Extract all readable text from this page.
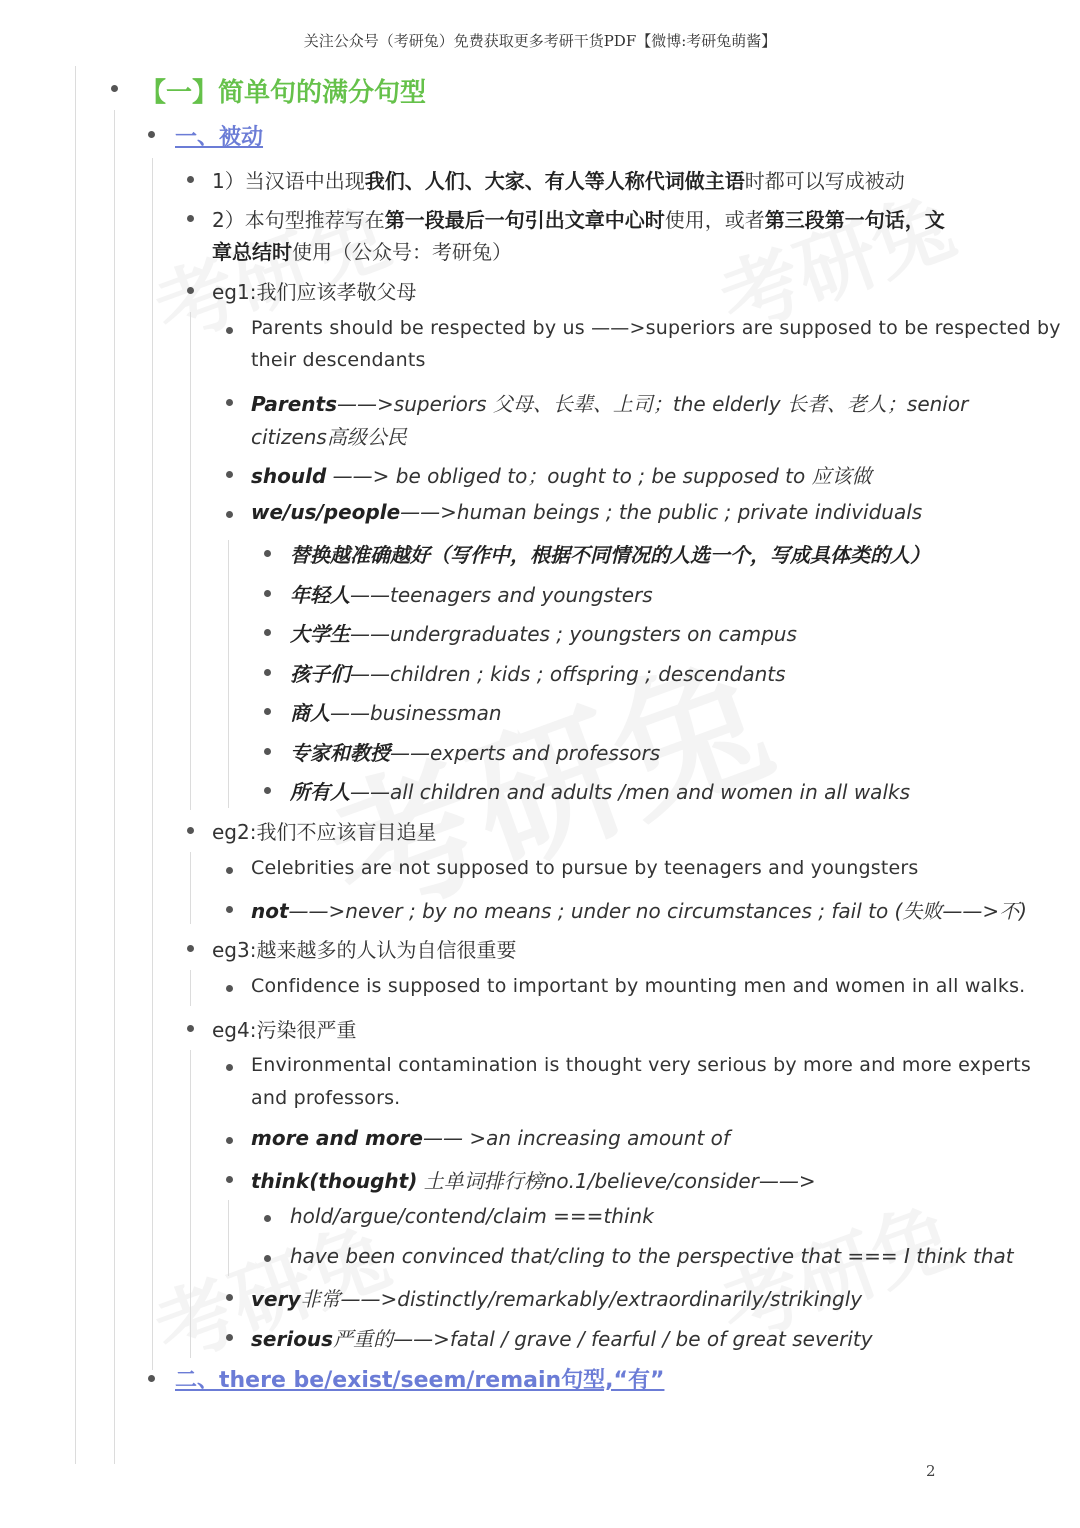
关注公众号（考研兔）免费获取更多考研干货PDF【微博:考研兔萌酱】
2
【一】简单句的满分句型
一、被动
1）当汉语中出现我们、人们、大家、有人等人称代词做主语时都可以写成被动
2）本句型推荐写在第一段最后一句引出文章中心时使用，或者第三段第一句话，文
章总结时使用（公众号：考研兔）
eg1:我们应该孝敬父母
Parents should be respected by us ——>superiors are supposed to be respected by
their descendants
Parents——>superiors 父母、长辈、上司；the elderly 长者、老人；senior
citizens高级公民
should ——> be obliged to；ought to ; be supposed to 应该做
we/us/people——>human beings ; the public ; private individuals
替换越准确越好（写作中，根据不同情况的人选一个，写成具体类的人）
年轻人——teenagers and youngsters
大学生——undergraduates ; youngsters on campus
孩子们——children ; kids ; offspring ; descendants
商人——businessman
专家和教授——experts and professors
所有人——all children and adults /men and women in all walks
eg2:我们不应该盲目追星
Celebrities are not supposed to pursue by teenagers and youngsters
not——>never ; by no means ; under no circumstances ; fail to (失败——>不)
eg3:越来越多的人认为自信很重要
Confidence is supposed to important by mounting men and women in all walks.
eg4:污染很严重
Environmental contamination is thought very serious by more and more experts
and professors.
more and more—— >an increasing amount of
think(thought) 土单词排行榜no.1/believe/consider——>
hold/argue/contend/claim ===think
have been convinced that/cling to the perspective that === I think that
very非常——>distinctly/remarkably/extraordinarily/strikingly
serious严重的——>fatal / grave / fearful / be of great severity
二、there be/exist/seem/remain句型,“有”
